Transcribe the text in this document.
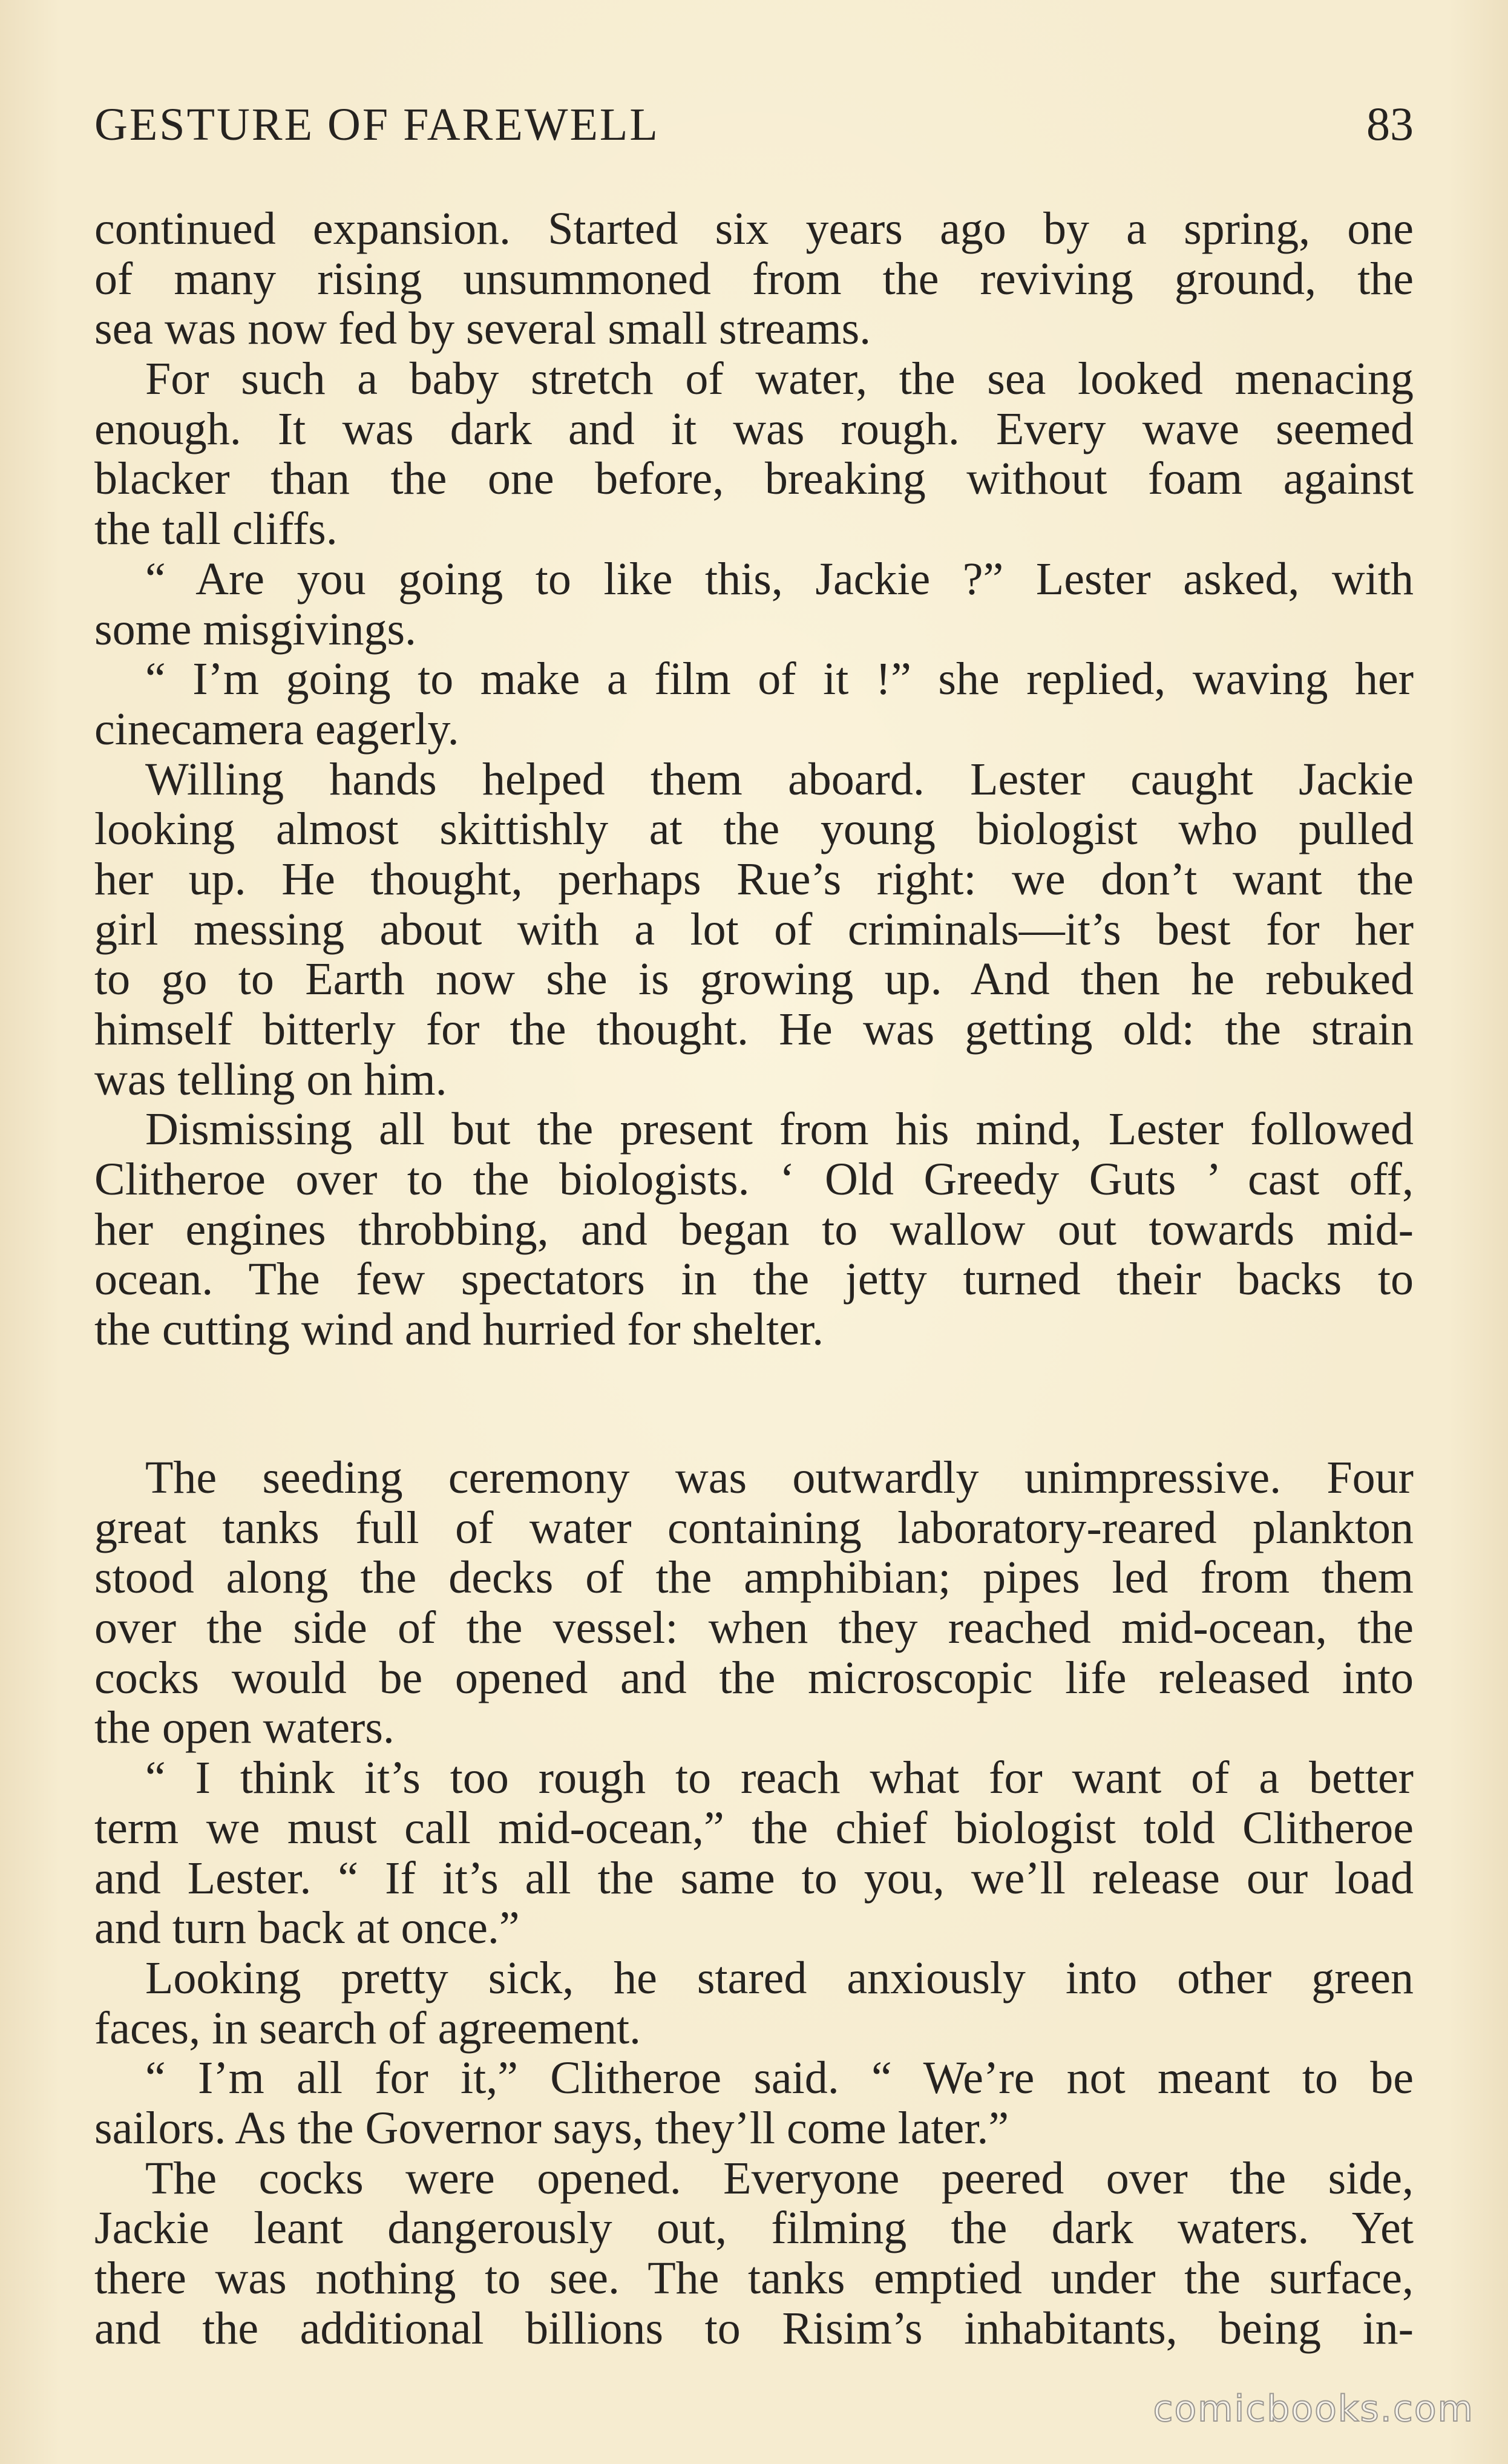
GESTURE OF FAREWELL	83
continued expansion. Started six years ago by a spring, one
of many rising unsummoned from the reviving ground, the
sea was now fed by several small streams.
For such a baby stretch of water, the sea looked menacing
enough. It was dark and it was rough. Every wave seemed
blacker than the one before, breaking without foam against
the tall cliffs.
“ Are you going to like this, Jackie ?” Lester asked, with
some misgivings.
“ I’m going to make a film of it !” she replied, waving her
cinecamera eagerly.
Willing hands helped them aboard. Lester caught Jackie
looking almost skittishly at the young biologist who pulled
her up. He thought, perhaps Rue’s right: we don’t want the
girl messing about with a lot of criminals—it’s best for her
to go to Earth now she is growing up. And then he rebuked
himself bitterly for the thought. He was getting old: the strain
was telling on him.
Dismissing all but the present from his mind, Lester followed
Clitheroe over to the biologists. ‘ Old Greedy Guts ’ cast off,
her engines throbbing, and began to wallow out towards mid-
ocean. The few spectators in the jetty turned their backs to
the cutting wind and hurried for shelter.
The seeding ceremony was outwardly unimpressive. Four
great tanks full of water containing laboratory-reared plankton
stood along the decks of the amphibian; pipes led from them
over the side of the vessel: when they reached mid-ocean, the
cocks would be opened and the microscopic life released into
the open waters.
“ I think it’s too rough to reach what for want of a better
term we must call mid-ocean,” the chief biologist told Clitheroe
and Lester. “ If it’s all the same to you, we’ll release our load
and turn back at once.”
Looking pretty sick, he stared anxiously into other green
faces, in search of agreement.
“ I’m all for it,” Clitheroe said. “ We’re not meant to be
sailors. As the Governor says, they’ll come later.”
The cocks were opened. Everyone peered over the side,
Jackie leant dangerously out, filming the dark waters. Yet
there was nothing to see. The tanks emptied under the surface,
and the additional billions to Risim’s inhabitants, being in-
comicbooks.com
